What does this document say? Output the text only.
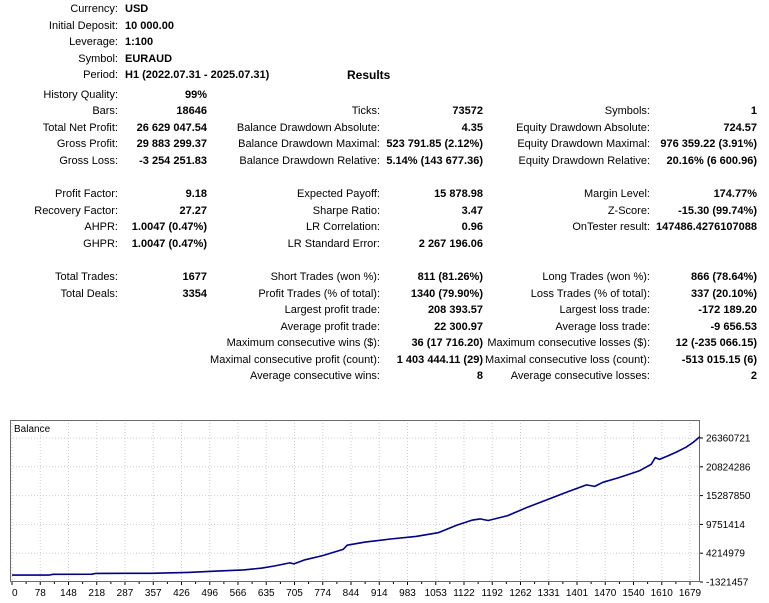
Currency: USD
Initial Deposit: 10 000.00
Leverage: 1:100
Symbol: EURAUD
Period: H1 (2022.07.31 - 2025.07.31)	Results
History Quality:	99%
Bars:	18646	Ticks:	73572	Symbols:	1
Total Net Profit:	26 629 047.54	Balance Drawdown Absolute:	4.35	Equity Drawdown Absolute:	724.57
Gross Profit:	29 883 299.37	Balance Drawdown Maximal: 523 791.85 (2.12%)	Equity Drawdown Maximal: 976 359.22 (3.91%)
Gross Loss:	-3 254 251.83	Balance Drawdown Relative: 5.14% (143 677.36)	Equity Drawdown Relative:	20.16% (6 600.96)
Profit Factor:	9.18	Expected Payoff:	15 878.98	Margin Level:	174.77%
Recovery Factor:	27.27	Sharpe Ratio:	3.47	Z-Score:	-15.30 (99.74%)
AHPR:	1.0047 (0.47%)	LR Correlation:	0.96	OnTester result: 147486.4276107088
GHPR:	1.0047 (0.47%)	LR Standard Error:	2 267 196.06
Total Trades:	1677	Short Trades (won %):	811 (81.26%)	Long Trades (won %):	866 (78.64%)
Total Deals:	3354	Profit Trades (% of total):	1340 (79.90%)	Loss Trades (% of total):	337 (20.10%)
Largest profit trade:	208 393.57	Largest loss trade:	-172 189.20
Average profit trade:	22 300.97	Average loss trade:	-9 656.53
Maximum consecutive wins ($):	36 (17 716.20) Maximum consecutive losses ($):	12 (-235 066.15)
Maximal consecutive profit (count):	1 403 444.11 (29) Maximal consecutive loss (count):	-513 015.15 (6)
Average consecutive wins:	8	Average consecutive losses:	2
26360721
20824286
15287850
9751414
4214979
-1321457
0 78 148 218 287 357 426 496 566 635 705 774 844 914 983 1053 1122 1192 1262 1331 1401 1470 1540 1610 1679
Balance
